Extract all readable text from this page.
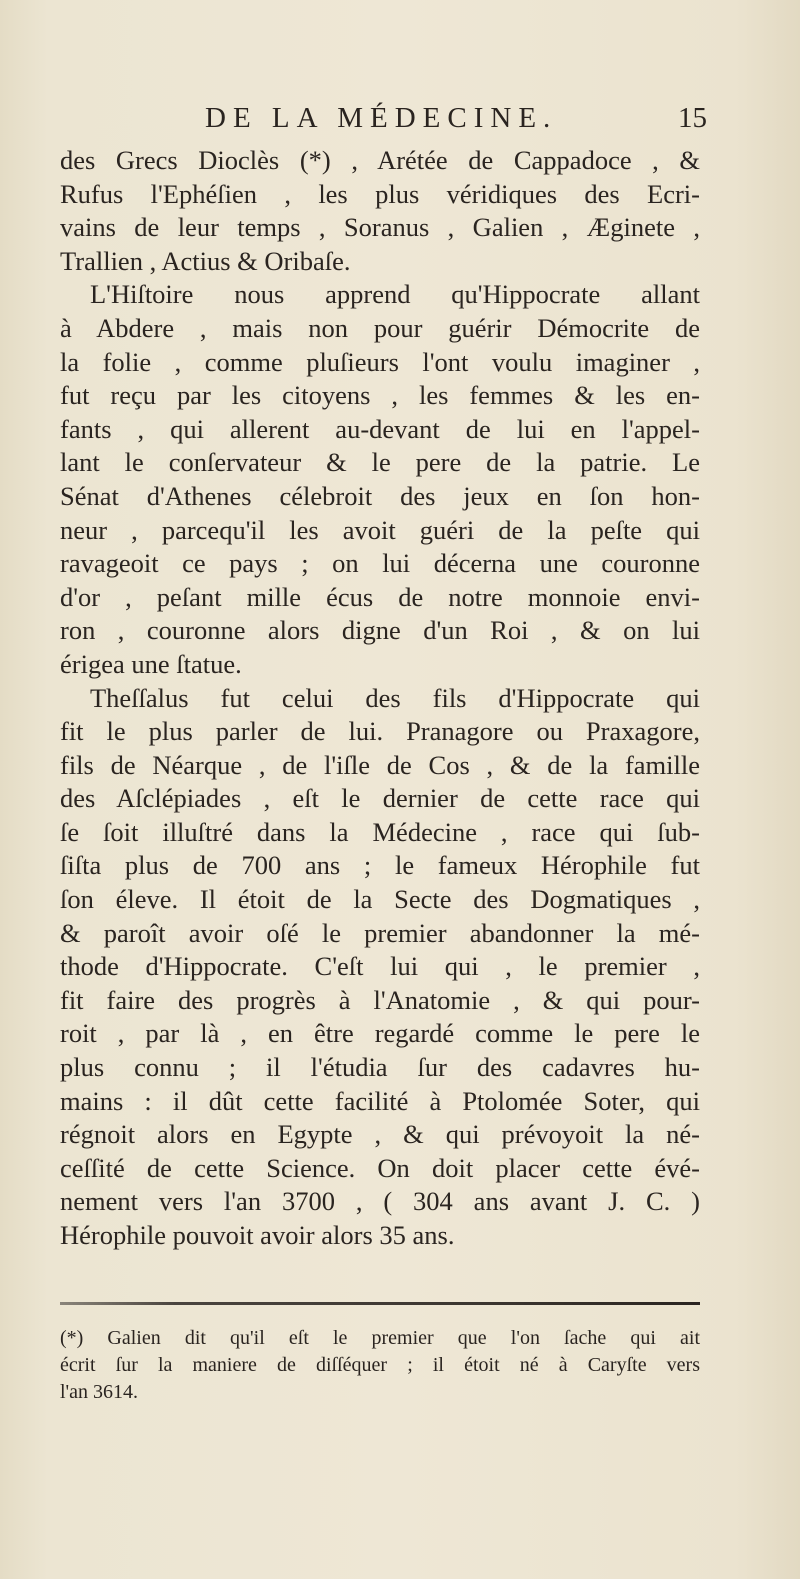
DE LA MÉDECINE.	15
des Grecs Dioclès (*) , Arétée de Cappadoce , &
Rufus l'Ephéſien , les plus véridiques des Ecri-
vains de leur temps , Soranus , Galien , Æginete ,
Trallien , Actius & Oribaſe.
L'Hiſtoire nous apprend qu'Hippocrate allant
à Abdere , mais non pour guérir Démocrite de
la folie , comme pluſieurs l'ont voulu imaginer ,
fut reçu par les citoyens , les femmes & les en-
fants , qui allerent au-devant de lui en l'appel-
lant le conſervateur & le pere de la patrie. Le
Sénat d'Athenes célebroit des jeux en ſon hon-
neur , parcequ'il les avoit guéri de la peſte qui
ravageoit ce pays ; on lui décerna une couronne
d'or , peſant mille écus de notre monnoie envi-
ron , couronne alors digne d'un Roi , & on lui
érigea une ſtatue.
Theſſalus fut celui des fils d'Hippocrate qui
fit le plus parler de lui. Pranagore ou Praxagore,
fils de Néarque , de l'iſle de Cos , & de la famille
des Aſclépiades , eſt le dernier de cette race qui
ſe ſoit illuſtré dans la Médecine , race qui ſub-
ſiſta plus de 700 ans ; le fameux Hérophile fut
ſon éleve. Il étoit de la Secte des Dogmatiques ,
& paroît avoir oſé le premier abandonner la mé-
thode d'Hippocrate. C'eſt lui qui , le premier ,
fit faire des progrès à l'Anatomie , & qui pour-
roit , par là , en être regardé comme le pere le
plus connu ; il l'étudia ſur des cadavres hu-
mains : il dût cette facilité à Ptolomée Soter, qui
régnoit alors en Egypte , & qui prévoyoit la né-
ceſſité de cette Science. On doit placer cette évé-
nement vers l'an 3700 , ( 304 ans avant J. C. )
Hérophile pouvoit avoir alors 35 ans.
(*) Galien dit qu'il eſt le premier que l'on ſache qui ait
écrit ſur la maniere de diſſéquer ; il étoit né à Caryſte vers
l'an 3614.
